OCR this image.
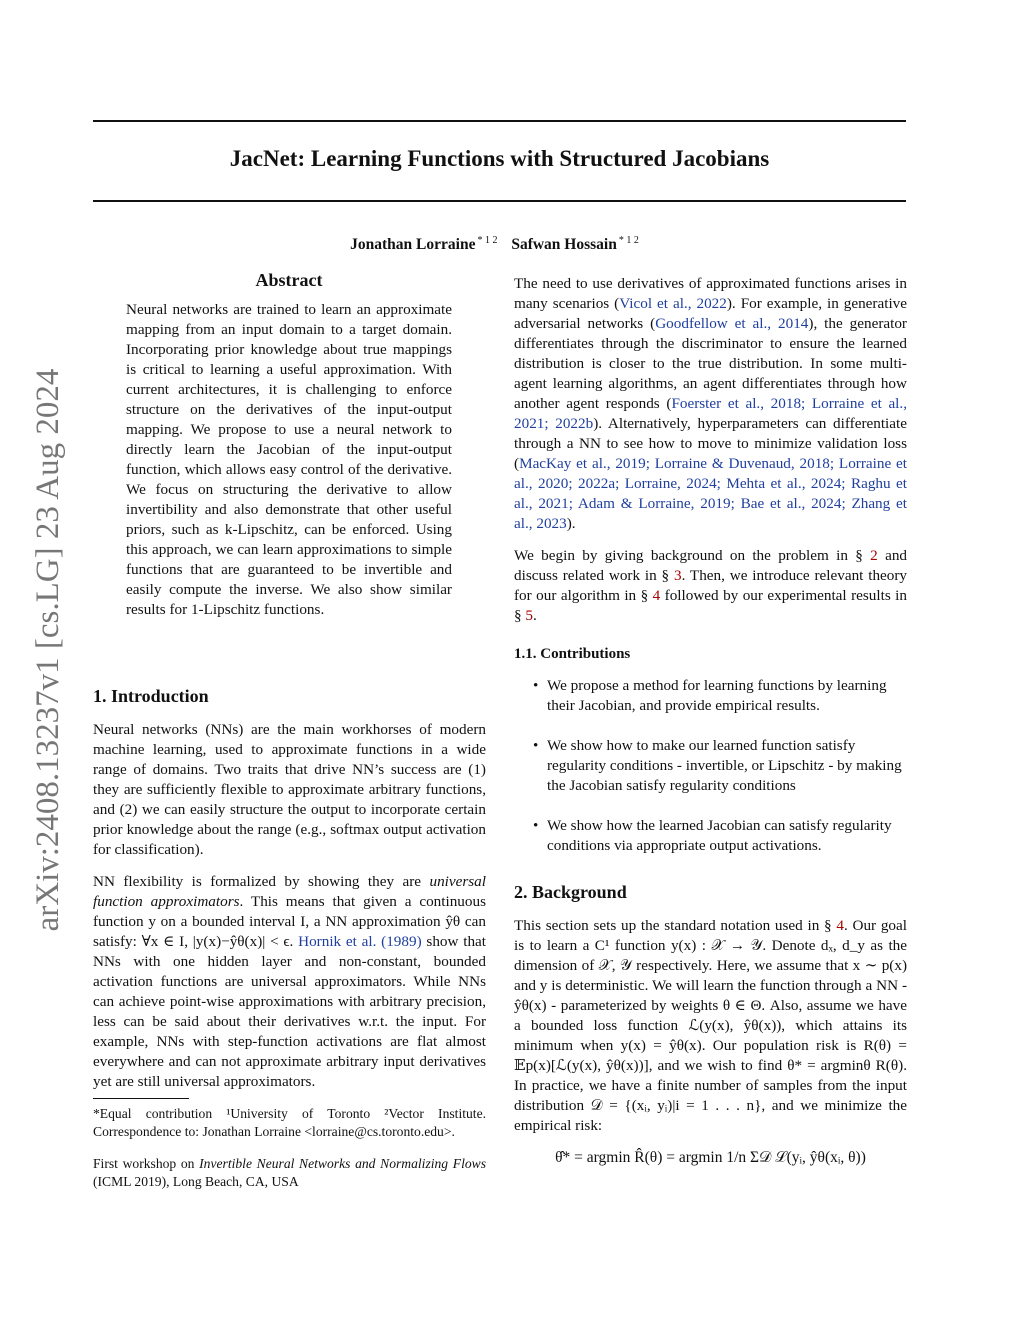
JacNet: Learning Functions with Structured Jacobians
Jonathan Lorraine $^{* 1 2}$ Safwan Hossain $^{* 1 2}$
arXiv:2408.13237v1 [cs.LG] 23 Aug 2024
Abstract

Neural networks are trained to learn an approximate mapping from an input domain to a target domain. Incorporating prior knowledge about true mappings is critical to learning a useful approximation. With current architectures, it is challenging to enforce structure on the derivatives of the input-output mapping. We propose to use a neural network to directly learn the Jacobian of the input-output function, which allows easy control of the derivative. We focus on structuring the derivative to allow invertibility and also demonstrate that other useful priors, such as k-Lipschitz, can be enforced. Using this approach, we can learn approximations to simple functions that are guaranteed to be invertible and easily compute the inverse. We also show similar results for 1-Lipschitz functions.

1. Introduction

Neural networks (NNs) are the main workhorses of modern machine learning, used to approximate functions in a wide range of domains. Two traits that drive NN’s success are (1) they are sufficiently flexible to approximate arbitrary functions, and (2) we can easily structure the output to incorporate certain prior knowledge about the range (e.g., softmax output activation for classification).

NN flexibility is formalized by showing they are universal function approximators. This means that given a continuous function y on a bounded interval I, a NN approximation ŷθ can satisfy: ∀x ∈ I, |y(x)−ŷθ(x)| < ϵ. Hornik et al. (1989) show that NNs with one hidden layer and non-constant, bounded activation functions are universal approximators. While NNs can achieve point-wise approximations with arbitrary precision, less can be said about their derivatives w.r.t. the input. For example, NNs with step-function activations are flat almost everywhere and can not approximate arbitrary input derivatives yet are still universal approximators.

*Equal contribution ¹University of Toronto ²Vector Institute. Correspondence to: Jonathan Lorraine <lorraine@cs.toronto.edu>.

First workshop on Invertible Neural Networks and Normalizing Flows (ICML 2019), Long Beach, CA, USA

The need to use derivatives of approximated functions arises in many scenarios (Vicol et al., 2022). For example, in generative adversarial networks (Goodfellow et al., 2014), the generator differentiates through the discriminator to ensure the learned distribution is closer to the true distribution. In some multi-agent learning algorithms, an agent differentiates through how another agent responds (Foerster et al., 2018; Lorraine et al., 2021; 2022b). Alternatively, hyperparameters can differentiate through a NN to see how to move to minimize validation loss (MacKay et al., 2019; Lorraine & Duvenaud, 2018; Lorraine et al., 2020; 2022a; Lorraine, 2024; Mehta et al., 2024; Raghu et al., 2021; Adam & Lorraine, 2019; Bae et al., 2024; Zhang et al., 2023).

We begin by giving background on the problem in § 2 and discuss related work in § 3. Then, we introduce relevant theory for our algorithm in § 4 followed by our experimental results in § 5.

1.1. Contributions
• We propose a method for learning functions by learning their Jacobian, and provide empirical results.
• We show how to make our learned function satisfy regularity conditions - invertible, or Lipschitz - by making the Jacobian satisfy regularity conditions
• We show how the learned Jacobian can satisfy regularity conditions via appropriate output activations.
2. Background

This section sets up the standard notation used in § 4. Our goal is to learn a C¹ function y(x) : 𝒳 → 𝒴. Denote dₓ, d_y as the dimension of 𝒳, 𝒴 respectively. Here, we assume that x ∼ p(x) and y is deterministic. We will learn the function through a NN - ŷθ(x) - parameterized by weights θ ∈ Θ. Also, assume we have a bounded loss function ℒ(y(x), ŷθ(x)), which attains its minimum when y(x) = ŷθ(x). Our population risk is R(θ) = 𝔼p(x)[ℒ(y(x), ŷθ(x))], and we wish to find θ* = argminθ R(θ). In practice, we have a finite number of samples from the input distribution 𝒟 = {(xᵢ, yᵢ)|i = 1 . . . n}, and we minimize the empirical risk:

θ̂* = argmin R̂(θ) = argmin 1/n Σ𝒟 ℒ(yᵢ, ŷθ(xᵢ, θ))
